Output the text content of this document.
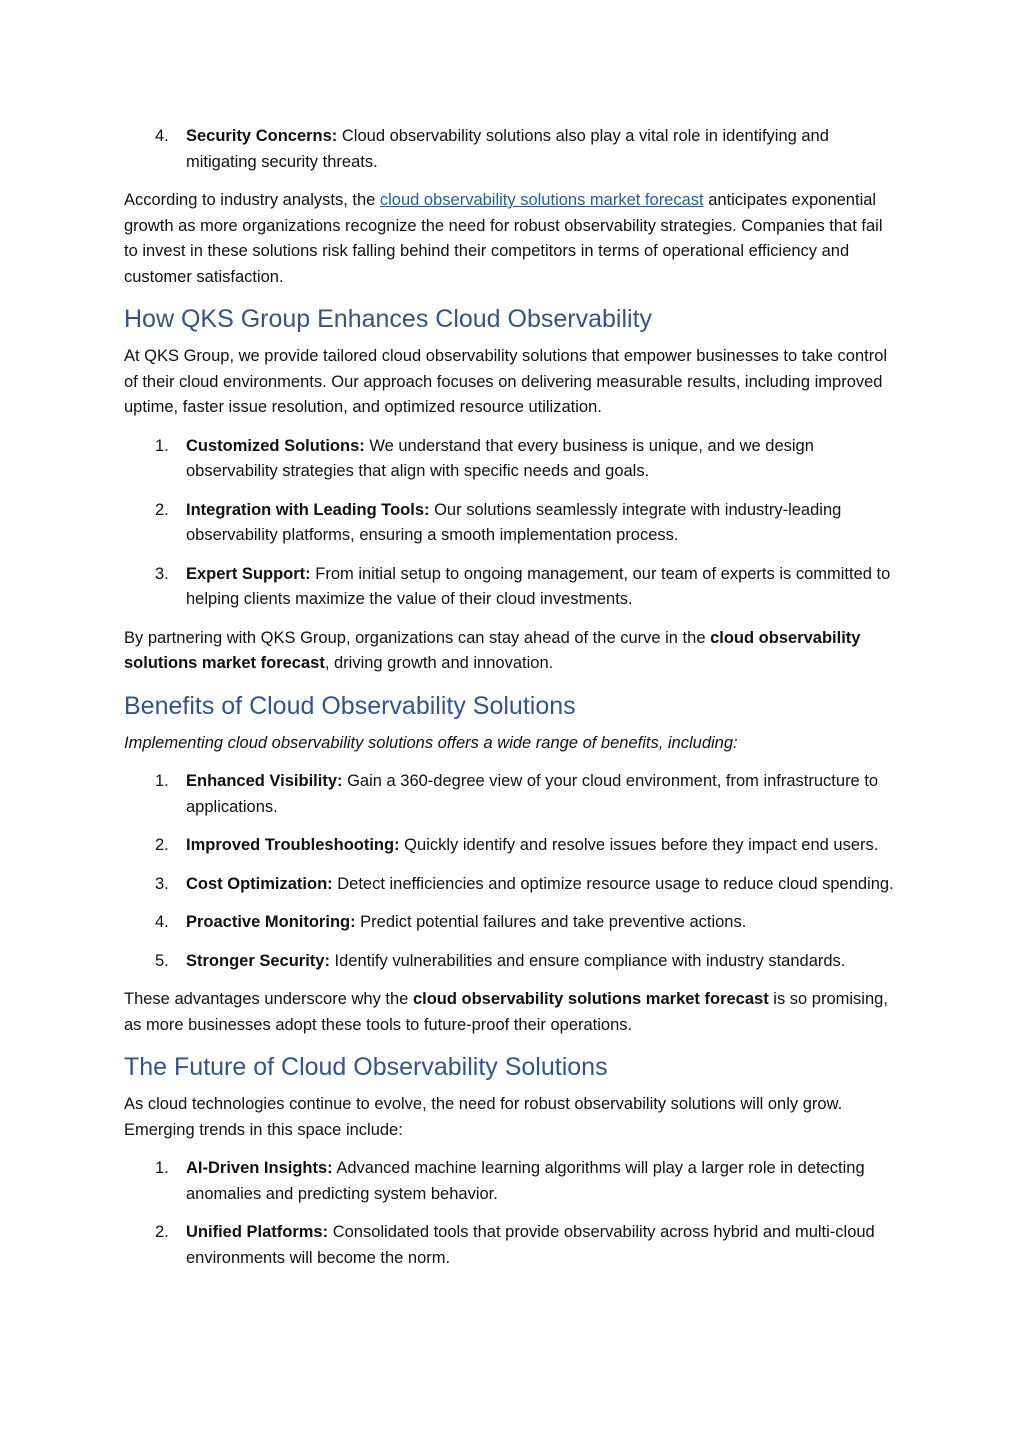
4. Security Concerns: Cloud observability solutions also play a vital role in identifying and mitigating security threats.

According to industry analysts, the cloud observability solutions market forecast anticipates exponential growth as more organizations recognize the need for robust observability strategies. Companies that fail to invest in these solutions risk falling behind their competitors in terms of operational efficiency and customer satisfaction.

How QKS Group Enhances Cloud Observability

At QKS Group, we provide tailored cloud observability solutions that empower businesses to take control of their cloud environments. Our approach focuses on delivering measurable results, including improved uptime, faster issue resolution, and optimized resource utilization.

1. Customized Solutions: We understand that every business is unique, and we design observability strategies that align with specific needs and goals.
2. Integration with Leading Tools: Our solutions seamlessly integrate with industry-leading observability platforms, ensuring a smooth implementation process.
3. Expert Support: From initial setup to ongoing management, our team of experts is committed to helping clients maximize the value of their cloud investments.

By partnering with QKS Group, organizations can stay ahead of the curve in the cloud observability solutions market forecast, driving growth and innovation.

Benefits of Cloud Observability Solutions

Implementing cloud observability solutions offers a wide range of benefits, including:

1. Enhanced Visibility: Gain a 360-degree view of your cloud environment, from infrastructure to applications.
2. Improved Troubleshooting: Quickly identify and resolve issues before they impact end users.
3. Cost Optimization: Detect inefficiencies and optimize resource usage to reduce cloud spending.
4. Proactive Monitoring: Predict potential failures and take preventive actions.
5. Stronger Security: Identify vulnerabilities and ensure compliance with industry standards.

These advantages underscore why the cloud observability solutions market forecast is so promising, as more businesses adopt these tools to future-proof their operations.

The Future of Cloud Observability Solutions

As cloud technologies continue to evolve, the need for robust observability solutions will only grow. Emerging trends in this space include:

1. AI-Driven Insights: Advanced machine learning algorithms will play a larger role in detecting anomalies and predicting system behavior.
2. Unified Platforms: Consolidated tools that provide observability across hybrid and multi-cloud environments will become the norm.
